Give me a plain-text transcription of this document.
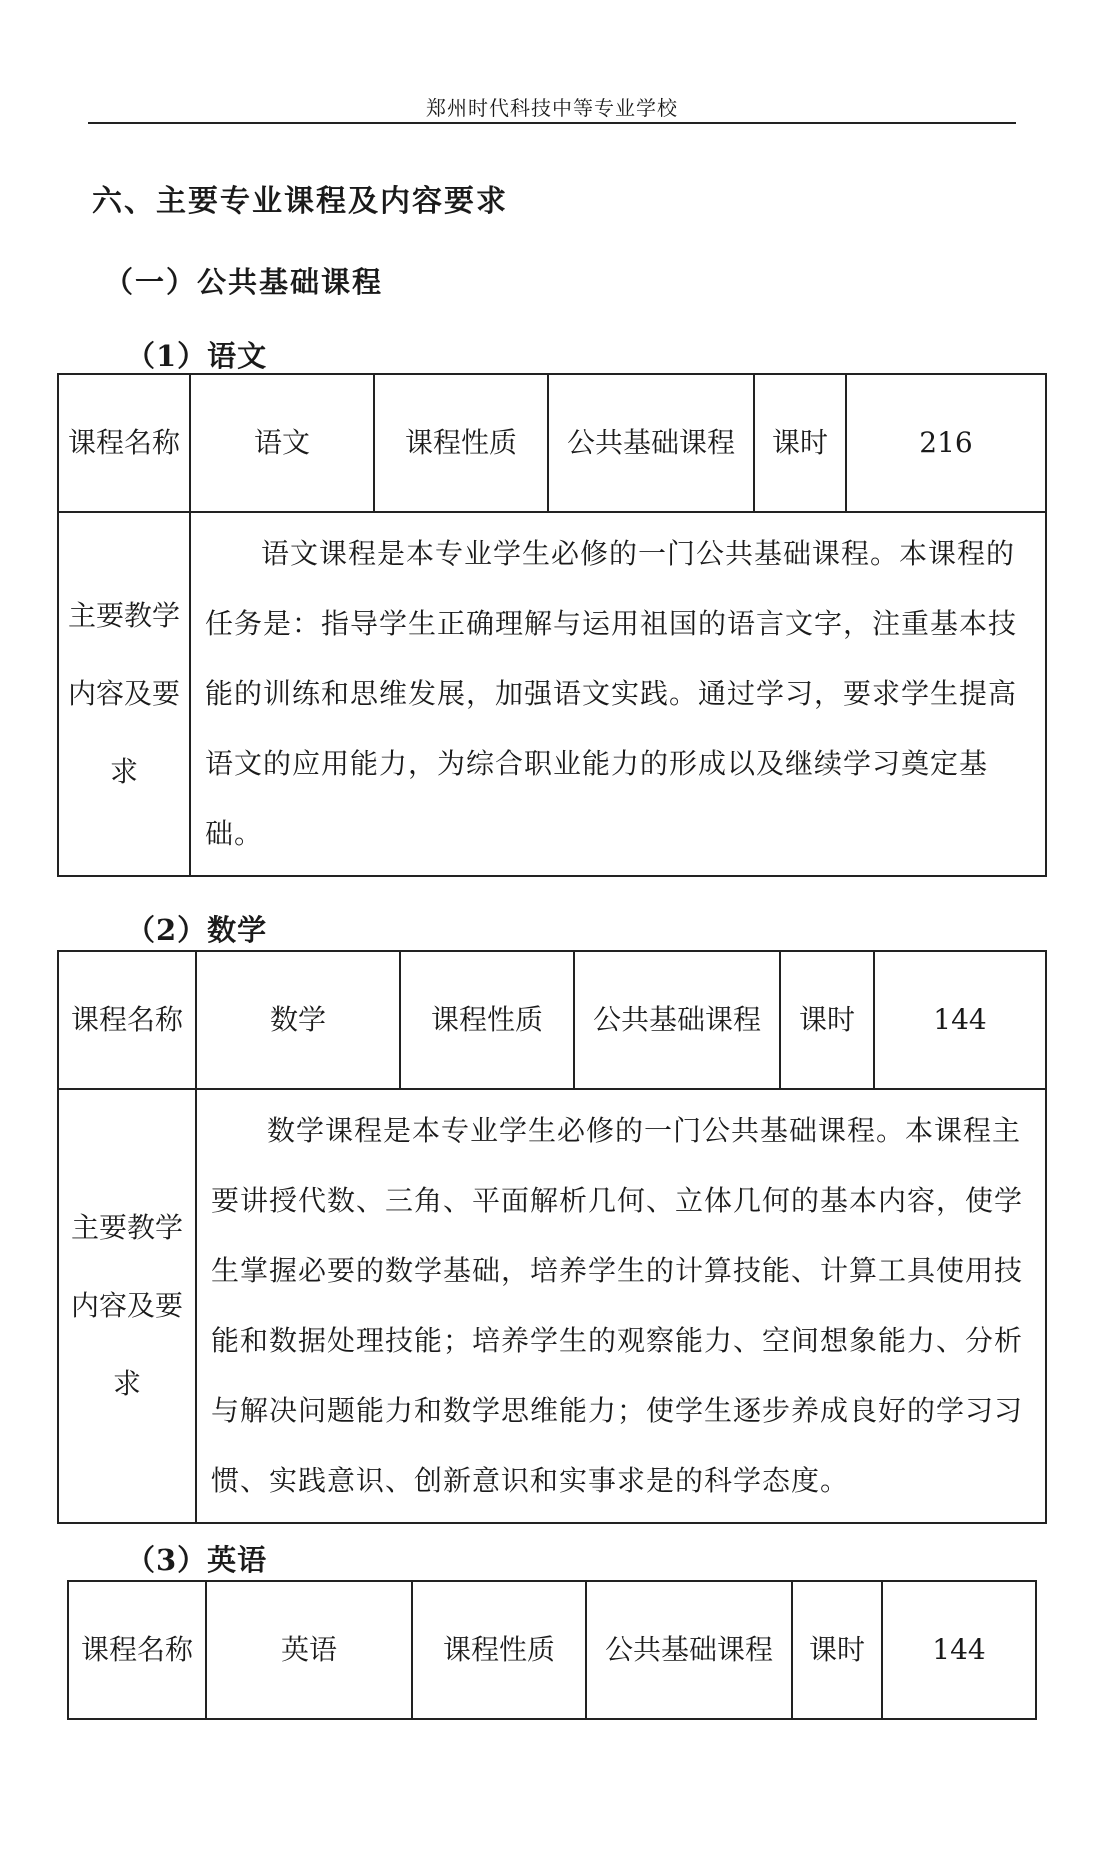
郑州时代科技中等专业学校
六、主要专业课程及内容要求
（一）公共基础课程
（1）语文
课程名称	语文	课程性质	公共基础课程	课时	216
主要教学内容及要求	语文课程是本专业学生必修的一门公共基础课程。本课程的任务是：指导学生正确理解与运用祖国的语言文字，注重基本技能的训练和思维发展，加强语文实践。通过学习，要求学生提高语文的应用能力，为综合职业能力的形成以及继续学习奠定基础。				

（2）数学
课程名称	数学	课程性质	公共基础课程	课时	144
主要教学内容及要求	数学课程是本专业学生必修的一门公共基础课程。本课程主要讲授代数、三角、平面解析几何、立体几何的基本内容，使学生掌握必要的数学基础，培养学生的计算技能、计算工具使用技能和数据处理技能；培养学生的观察能力、空间想象能力、分析与解决问题能力和数学思维能力；使学生逐步养成良好的学习习惯、实践意识、创新意识和实事求是的科学态度。				

（3）英语
课程名称	英语	课程性质	公共基础课程	课时	144
